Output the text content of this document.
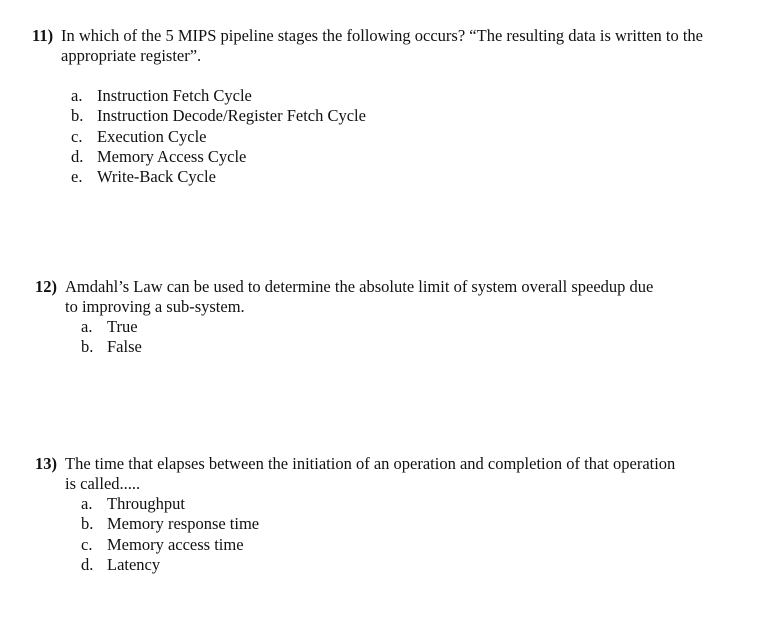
11) In which of the 5 MIPS pipeline stages the following occurs? “The resulting data is written to the
appropriate register”.
a. Instruction Fetch Cycle
b. Instruction Decode/Register Fetch Cycle
c. Execution Cycle
d. Memory Access Cycle
e. Write-Back Cycle
12) Amdahl’s Law can be used to determine the absolute limit of system overall speedup due
to improving a sub-system.
a. True
b. False
13) The time that elapses between the initiation of an operation and completion of that operation
is called.....
a. Throughput
b. Memory response time
c. Memory access time
d. Latency
